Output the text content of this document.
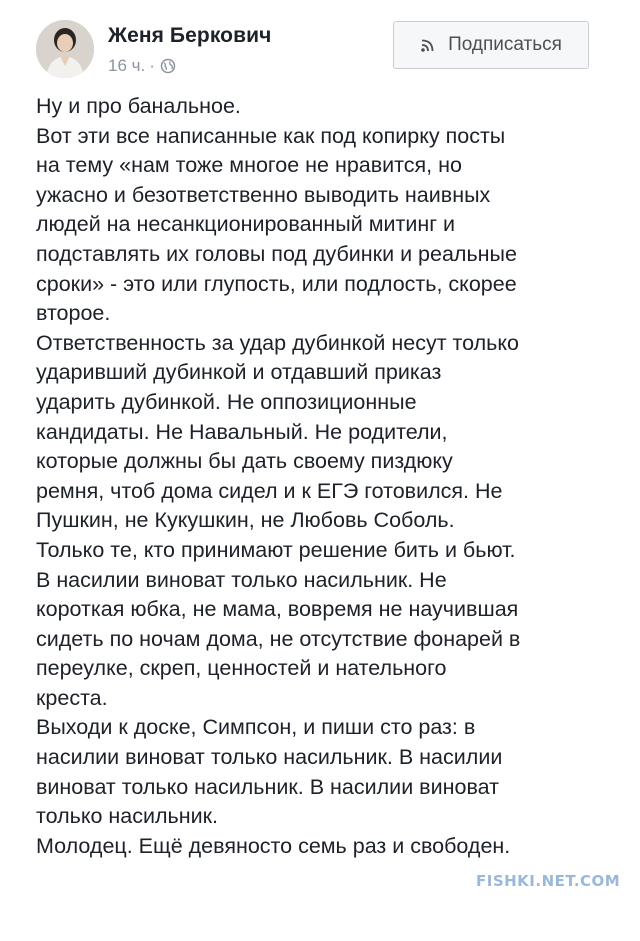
Женя Беркович
16 ч. ·
Подписаться

Ну и про банальное.

Вот эти все написанные как под копирку посты

на тему «нам тоже многое не нравится, но

ужасно и безответственно выводить наивных

людей на несанкционированный митинг и

подставлять их головы под дубинки и реальные

сроки» - это или глупость, или подлость, скорее

второе.

Ответственность за удар дубинкой несут только

ударивший дубинкой и отдавший приказ

ударить дубинкой. Не оппозиционные

кандидаты. Не Навальный. Не родители,

которые должны бы дать своему пиздюку

ремня, чтоб дома сидел и к ЕГЭ готовился. Не

Пушкин, не Кукушкин, не Любовь Соболь.

Только те, кто принимают решение бить и бьют.

В насилии виноват только насильник. Не

короткая юбка, не мама, вовремя не научившая

сидеть по ночам дома, не отсутствие фонарей в

переулке, скреп, ценностей и нательного

креста.

Выходи к доске, Симпсон, и пиши сто раз: в

насилии виноват только насильник. В насилии

виноват только насильник. В насилии виноват

только насильник.

Молодец. Ещё девяносто семь раз и свободен.

FISHKI.NET.COM
